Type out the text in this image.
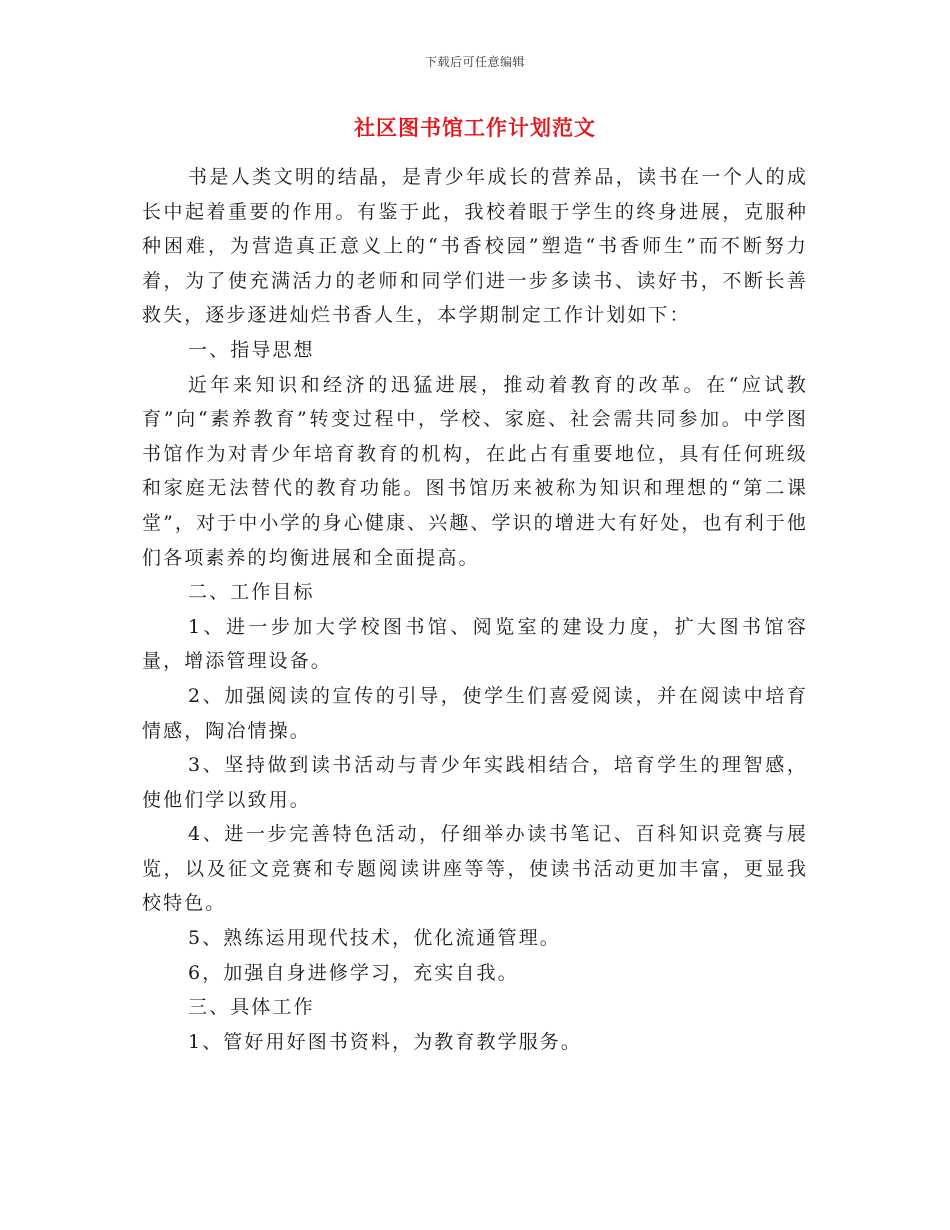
下载后可任意编辑
社区图书馆工作计划范文

书是人类文明的结晶，是青少年成长的营养品，读书在一个人的成长中起着重要的作用。有鉴于此，我校着眼于学生的终身进展，克服种种困难，为营造真正意义上的“书香校园”塑造“书香师生”而不断努力着，为了使充满活力的老师和同学们进一步多读书、读好书，不断长善救失，逐步逐进灿烂书香人生，本学期制定工作计划如下：

一、指导思想

近年来知识和经济的迅猛进展，推动着教育的改革。在“应试教育”向“素养教育”转变过程中，学校、家庭、社会需共同参加。中学图书馆作为对青少年培育教育的机构，在此占有重要地位，具有任何班级和家庭无法替代的教育功能。图书馆历来被称为知识和理想的“第二课堂”，对于中小学的身心健康、兴趣、学识的增进大有好处，也有利于他们各项素养的均衡进展和全面提高。

二、工作目标

1、进一步加大学校图书馆、阅览室的建设力度，扩大图书馆容量，增添管理设备。

2、加强阅读的宣传的引导，使学生们喜爱阅读，并在阅读中培育情感，陶冶情操。

3、坚持做到读书活动与青少年实践相结合，培育学生的理智感，使他们学以致用。

4、进一步完善特色活动，仔细举办读书笔记、百科知识竞赛与展览，以及征文竞赛和专题阅读讲座等等，使读书活动更加丰富，更显我校特色。

5、熟练运用现代技术，优化流通管理。

6，加强自身进修学习，充实自我。

三、具体工作

1、管好用好图书资料，为教育教学服务。
